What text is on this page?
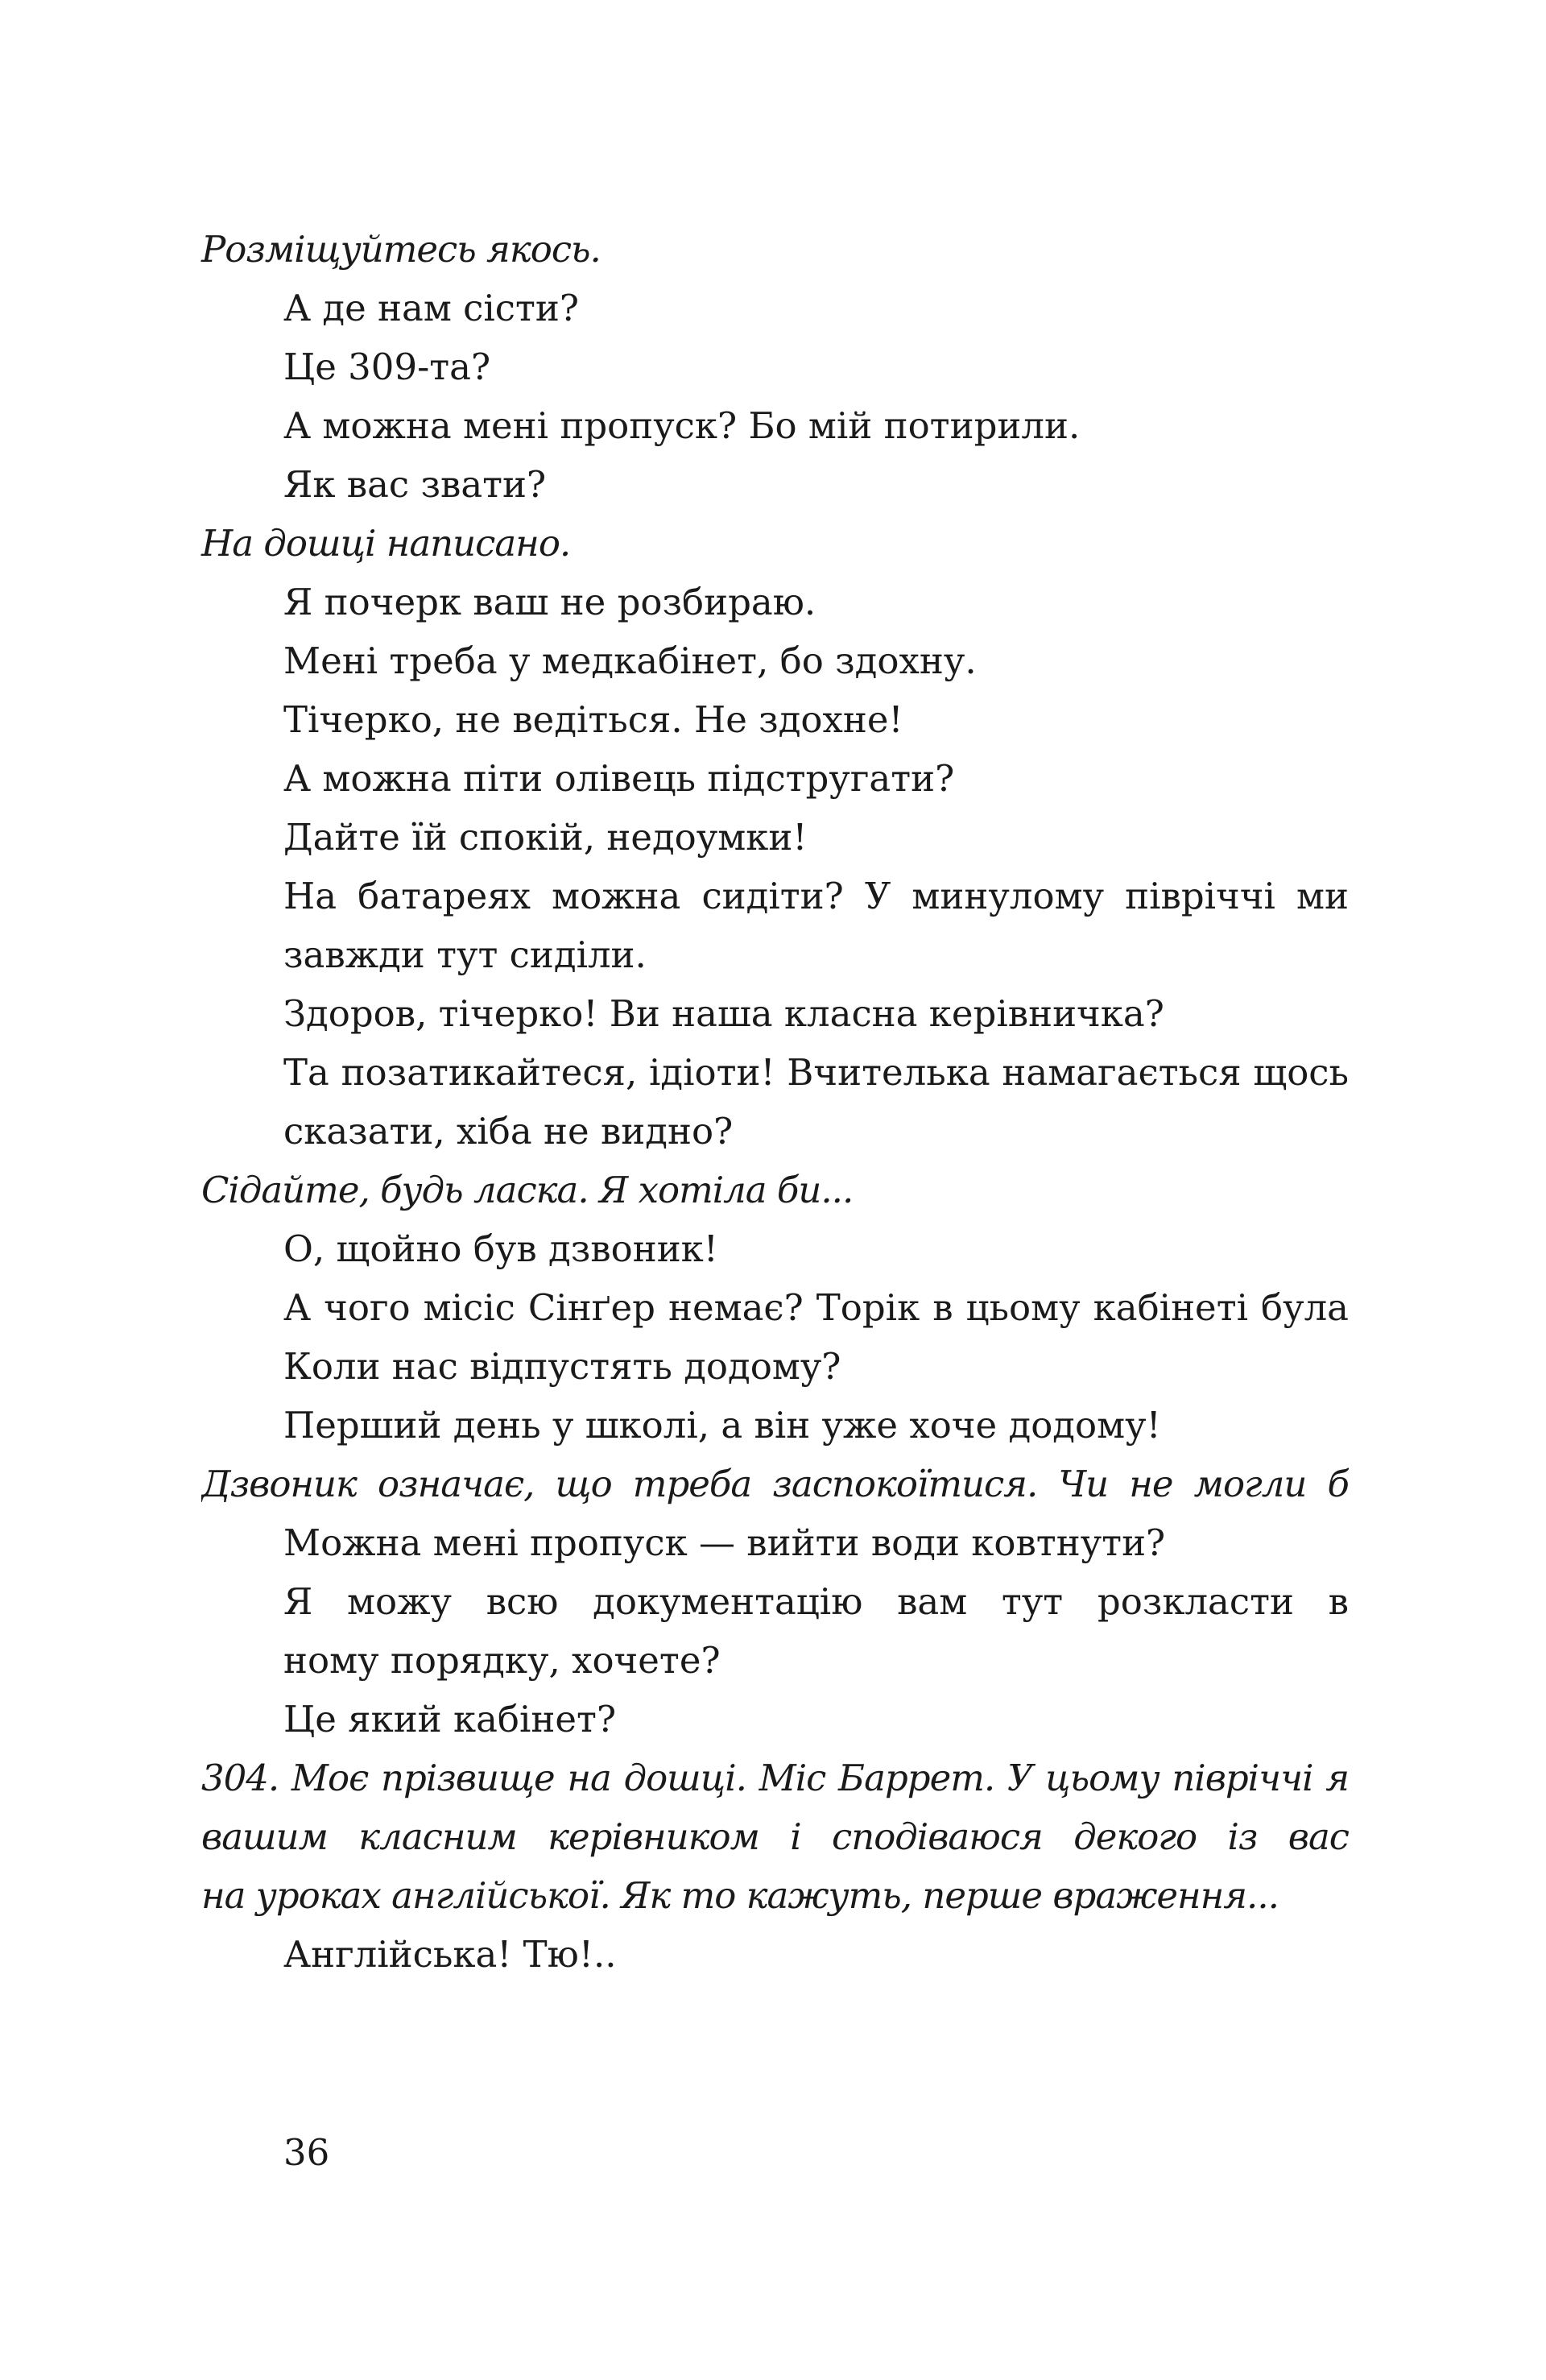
Розміщуйтесь якось.
А де нам сісти?
Це 309-та?
А можна мені пропуск? Бо мій потирили.
Як вас звати?
На дошці написано.
Я почерк ваш не розбираю.
Мені треба у медкабінет, бо здохну.
Тічерко, не ведіться. Не здохне!
А можна піти олівець підстругати?
Дайте їй спокій, недоумки!
На батареях можна сидіти? У минулому півріччі ми
завжди тут сиділи.
Здоров, тічерко! Ви наша класна керівничка?
Та позатикайтеся, ідіоти! Вчителька намагається щось
сказати, хіба не видно?
Сідайте, будь ласка. Я хотіла би...
О, щойно був дзвоник!
А чого місіс Сінґер немає? Торік в цьому кабінеті була
Коли нас відпустять додому?
Перший день у школі, а він уже хоче додому!
Дзвоник означає, що треба заспокоїтися. Чи не могли б
Можна мені пропуск — вийти води ковтнути?
Я можу всю документацію вам тут розкласти в
ному порядку, хочете?
Це який кабінет?
304. Моє прізвище на дошці. Міс Баррет. У цьому півріччі я
вашим класним керівником і сподіваюся декого із вас
на уроках англійської. Як то кажуть, перше враження...
Англійська! Тю!..
36
